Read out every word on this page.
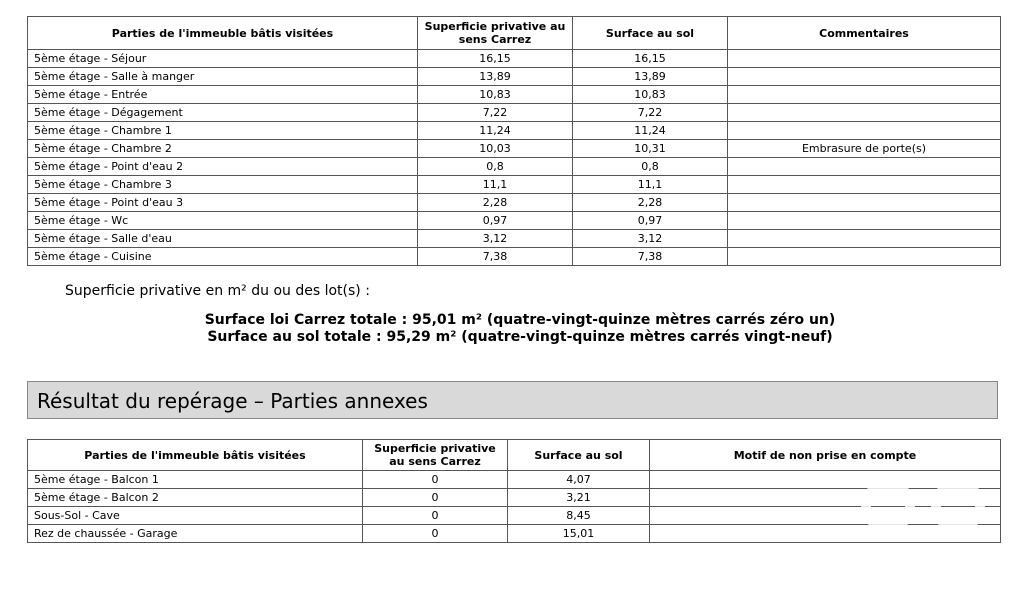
Parties de l'immeuble bâtis visitées	Superficie privative au sens Carrez	Surface au sol	Commentaires
5ème étage - Séjour	16,15	16,15	
5ème étage - Salle à manger	13,89	13,89	
5ème étage - Entrée	10,83	10,83	
5ème étage - Dégagement	7,22	7,22	
5ème étage - Chambre 1	11,24	11,24	
5ème étage - Chambre 2	10,03	10,31	Embrasure de porte(s)
5ème étage - Point d'eau 2	0,8	0,8	
5ème étage - Chambre 3	11,1	11,1	
5ème étage - Point d'eau 3	2,28	2,28	
5ème étage - Wc	0,97	0,97	
5ème étage - Salle d'eau	3,12	3,12	
5ème étage - Cuisine	7,38	7,38	
Superficie privative en m² du ou des lot(s) :
Surface loi Carrez totale : 95,01 m² (quatre-vingt-quinze mètres carrés zéro un)
Surface au sol totale : 95,29 m² (quatre-vingt-quinze mètres carrés vingt-neuf)
Résultat du repérage – Parties annexes
Parties de l'immeuble bâtis visitées	Superficie privative au sens Carrez	Surface au sol	Motif de non prise en compte
5ème étage - Balcon 1	0	4,07	
5ème étage - Balcon 2	0	3,21	
Sous-Sol - Cave	0	8,45	
Rez de chaussée - Garage	0	15,01	
